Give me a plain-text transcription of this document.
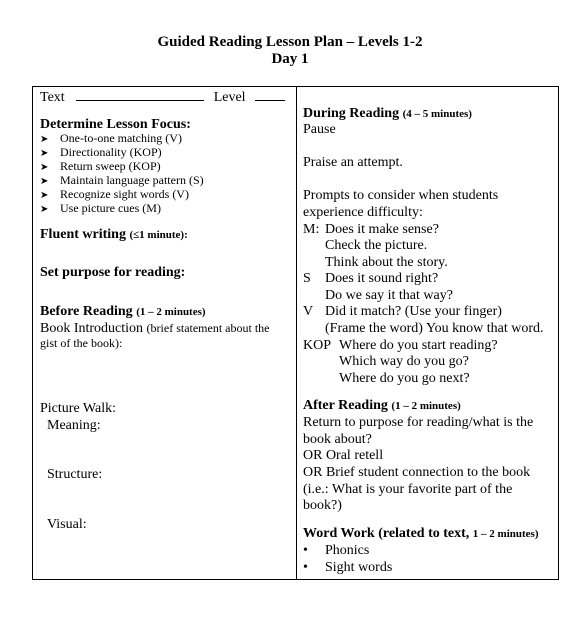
Guided Reading Lesson Plan – Levels 1-2
Day 1
Text	Level
Determine Lesson Focus:
➤ One-to-one matching (V)
➤ Directionality (KOP)
➤ Return sweep (KOP)
➤ Maintain language pattern (S)
➤ Recognize sight words (V)
➤ Use picture cues (M)
Fluent writing (≤1 minute):
Set purpose for reading:
Before Reading (1 – 2 minutes)
Book Introduction (brief statement about the
gist of the book):
Picture Walk:
Meaning:
Structure:
Visual:
During Reading (4 – 5 minutes)
Pause
Praise an attempt.
Prompts to consider when students
experience difficulty:
M: Does it make sense?
Check the picture.
Think about the story.
S Does it sound right?
Do we say it that way?
V Did it match? (Use your finger)
(Frame the word) You know that word.
KOP Where do you start reading?
Which way do you go?
Where do you go next?
After Reading (1 – 2 minutes)
Return to purpose for reading/what is the
book about?
OR Oral retell
OR Brief student connection to the book
(i.e.: What is your favorite part of the
book?)
Word Work (related to text, 1 – 2 minutes)
• Phonics
• Sight words
